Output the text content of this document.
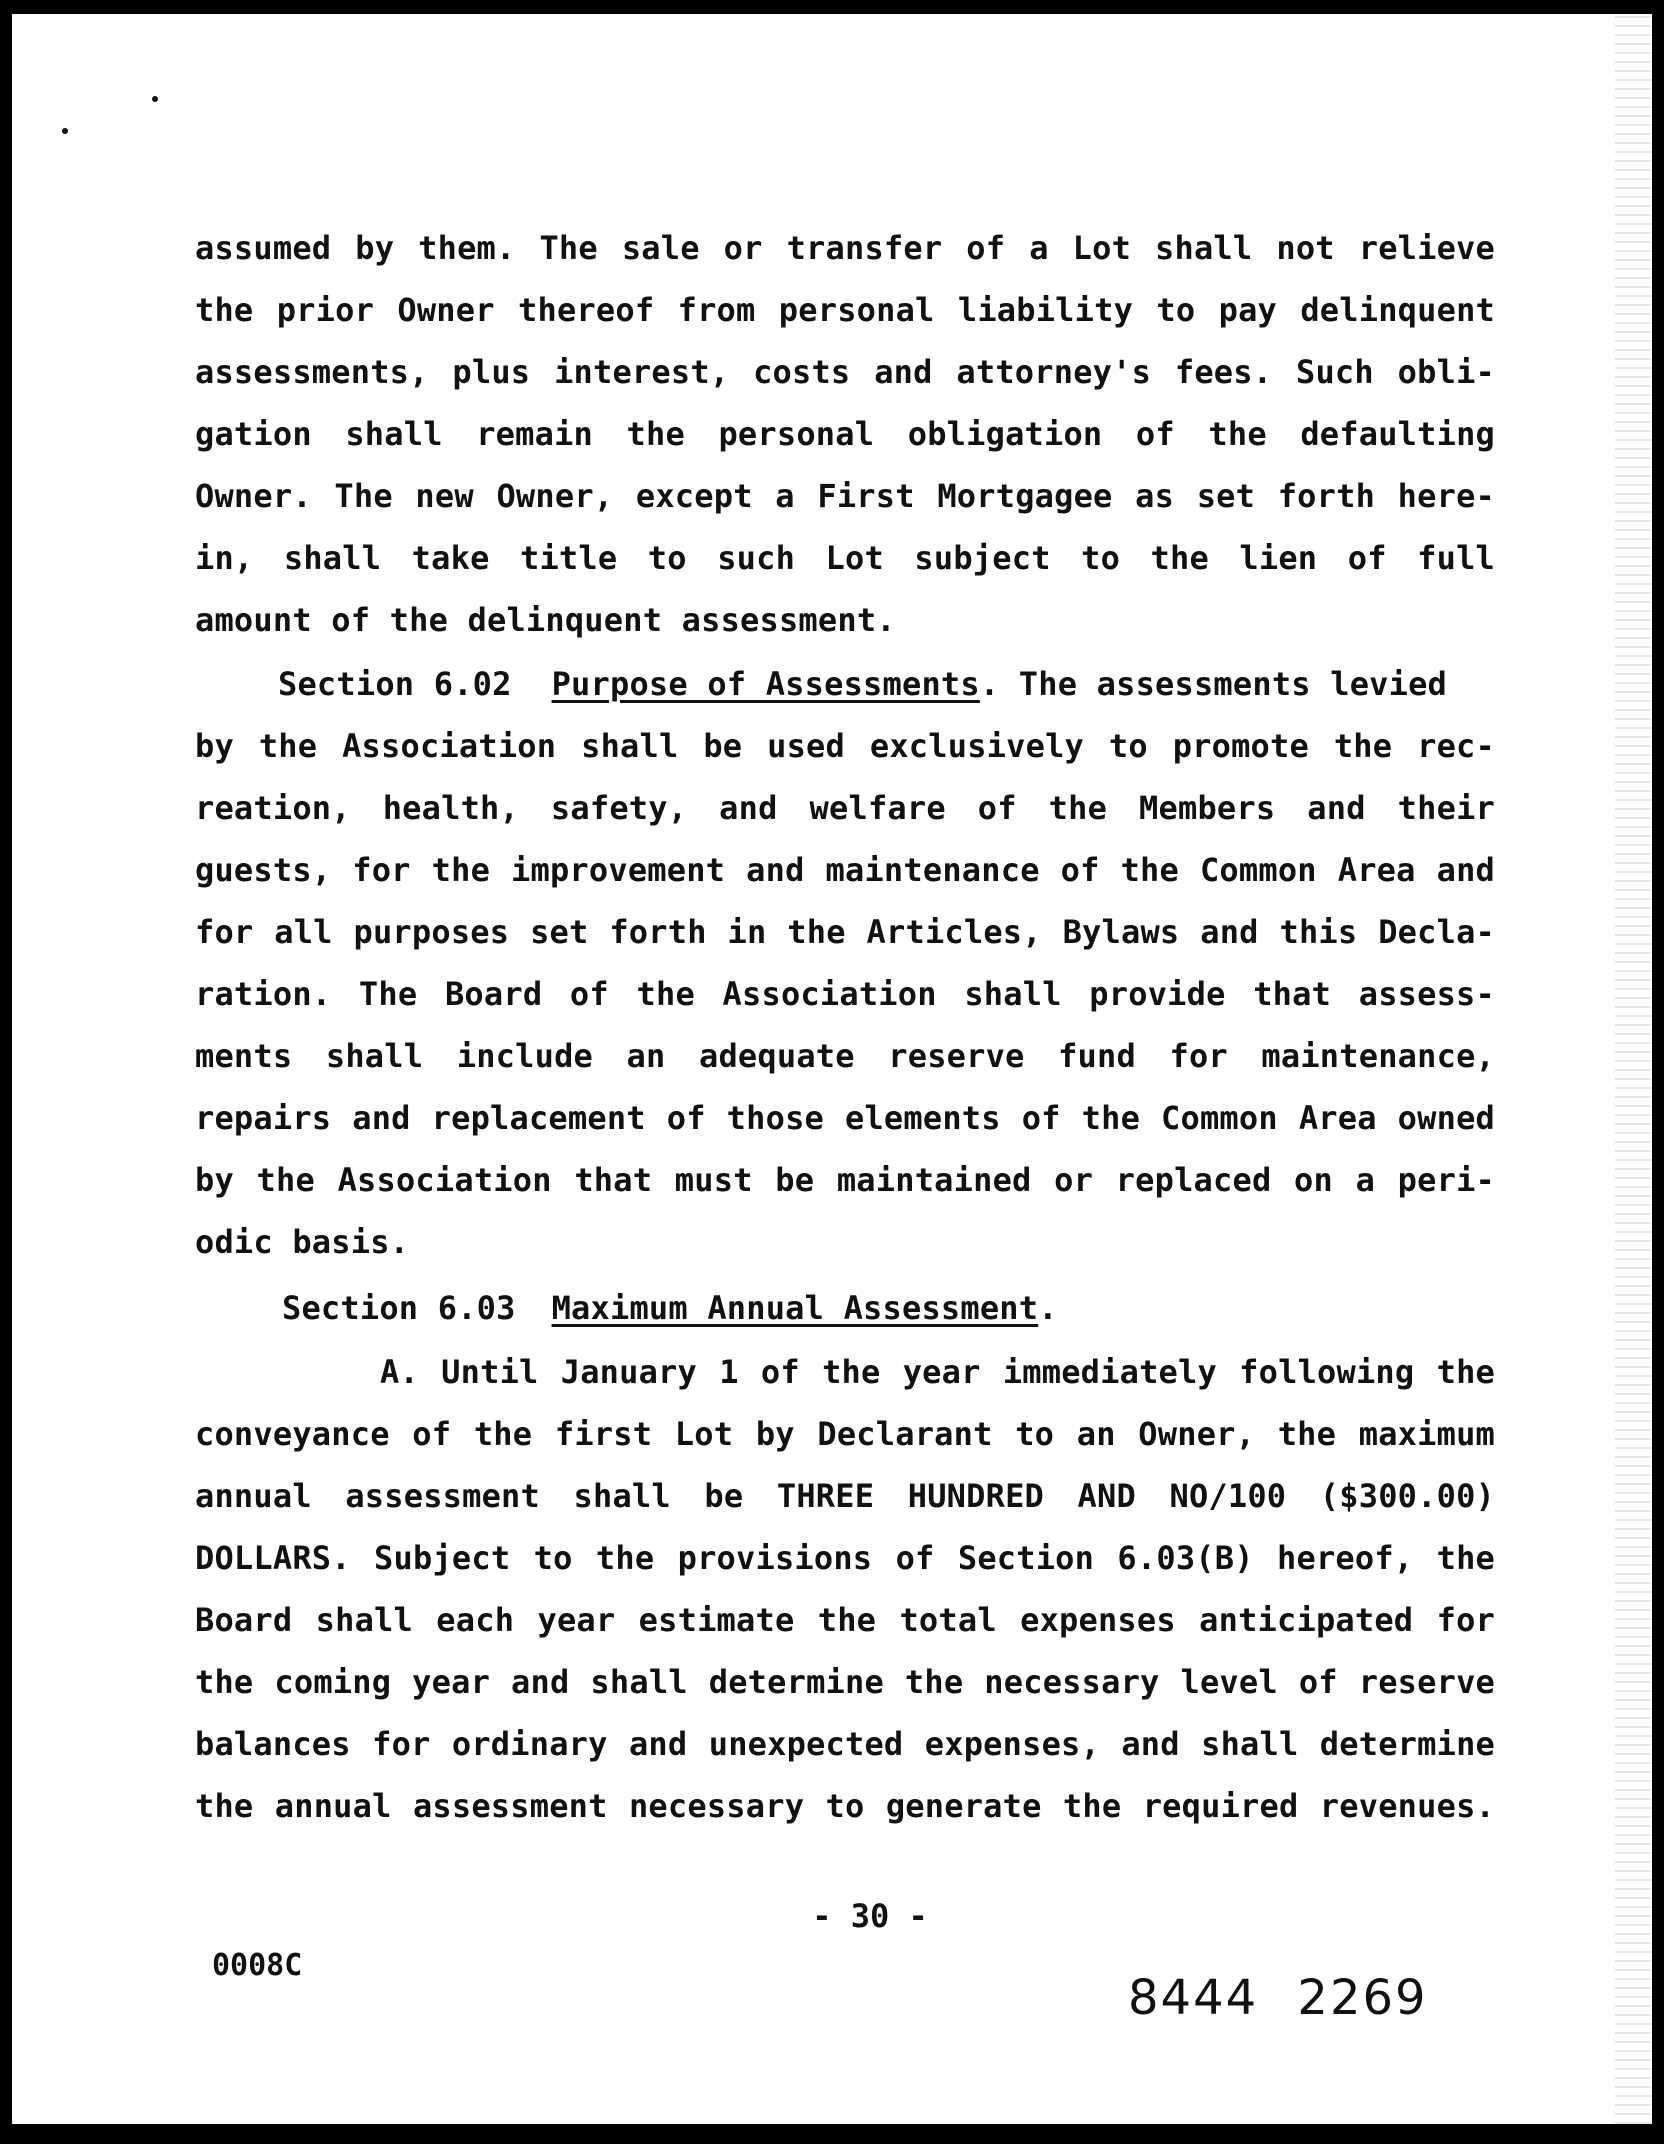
assumed by them. The sale or transfer of a Lot shall not relieve
the prior Owner thereof from personal liability to pay delinquent
assessments, plus interest, costs and attorney's fees. Such obli-
gation shall remain the personal obligation of the defaulting
Owner. The new Owner, except a First Mortgagee as set forth here-
in, shall take title to such Lot subject to the lien of full
amount of the delinquent assessment.
Section 6.02 Purpose of Assessments. The assessments levied
by the Association shall be used exclusively to promote the rec-
reation, health, safety, and welfare of the Members and their
guests, for the improvement and maintenance of the Common Area and
for all purposes set forth in the Articles, Bylaws and this Decla-
ration. The Board of the Association shall provide that assess-
ments shall include an adequate reserve fund for maintenance,
repairs and replacement of those elements of the Common Area owned
by the Association that must be maintained or replaced on a peri-
odic basis.
Section 6.03 Maximum Annual Assessment.
A. Until January 1 of the year immediately following the
conveyance of the first Lot by Declarant to an Owner, the maximum
annual assessment shall be THREE HUNDRED AND NO/100 ($300.00)
DOLLARS. Subject to the provisions of Section 6.03(B) hereof, the
Board shall each year estimate the total expenses anticipated for
the coming year and shall determine the necessary level of reserve
balances for ordinary and unexpected expenses, and shall determine
the annual assessment necessary to generate the required revenues.
- 30 -
0008C
8444 2269
